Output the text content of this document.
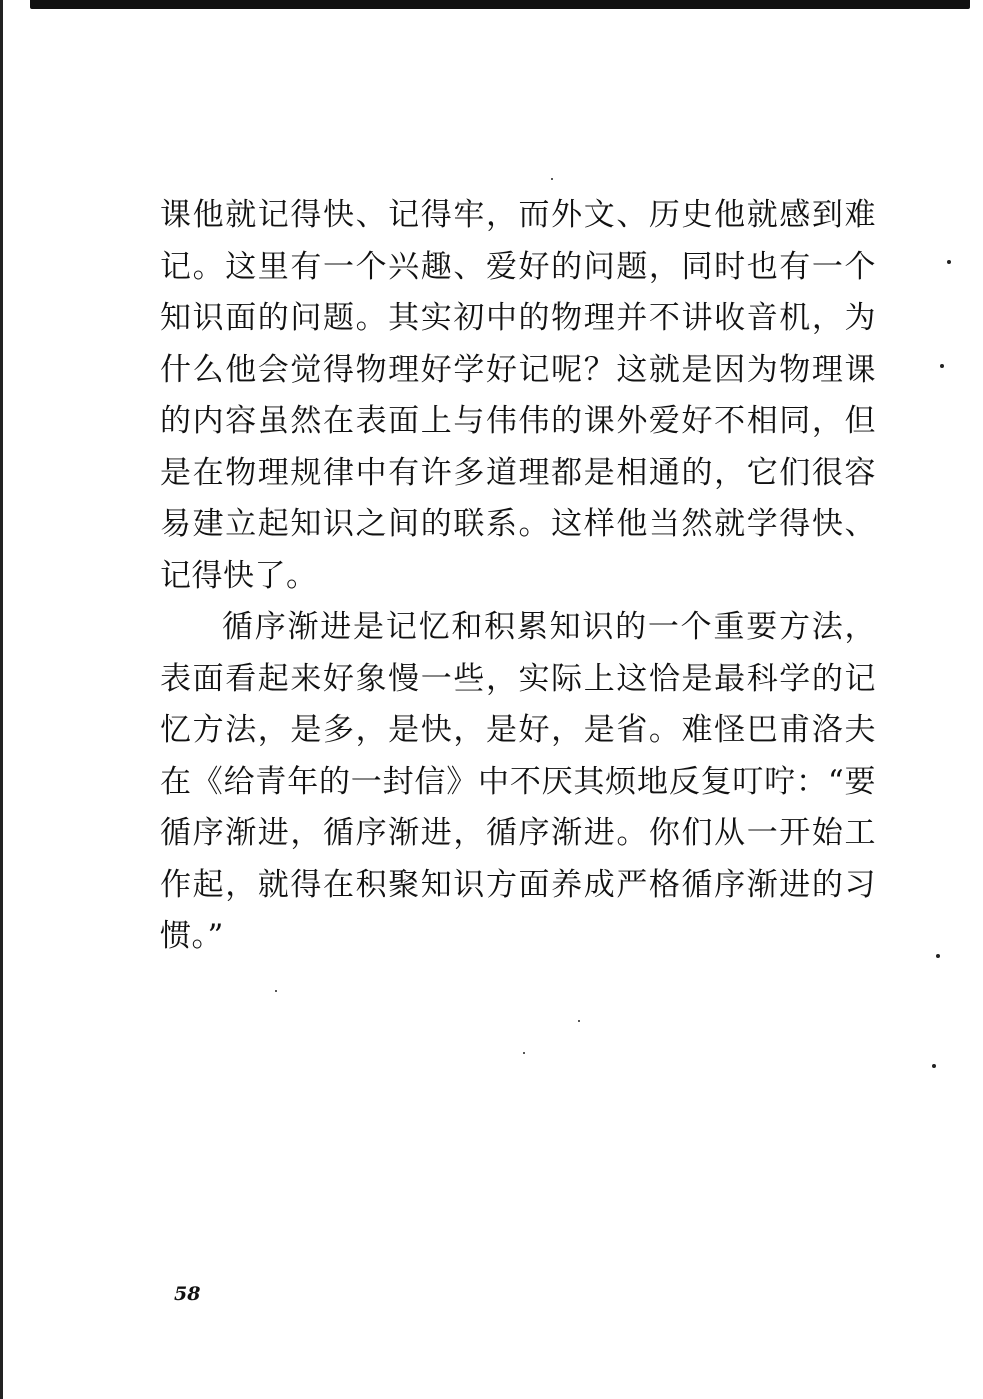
课他就记得快、记得牢，而外文、历史他就感到难记。这里有一个兴趣、爱好的问题，同时也有一个知识面的问题。其实初中的物理并不讲收音机，为什么他会觉得物理好学好记呢？这就是因为物理课的内容虽然在表面上与伟伟的课外爱好不相同，但是在物理规律中有许多道理都是相通的，它们很容易建立起知识之间的联系。这样他当然就学得快、记得快了。

循序渐进是记忆和积累知识的一个重要方法，表面看起来好象慢一些，实际上这恰是最科学的记忆方法，是多，是快，是好，是省。难怪巴甫洛夫在《给青年的一封信》中不厌其烦地反复叮咛：“要循序渐进，循序渐进，循序渐进。你们从一开始工作起，就得在积聚知识方面养成严格循序渐进的习惯。”

58
